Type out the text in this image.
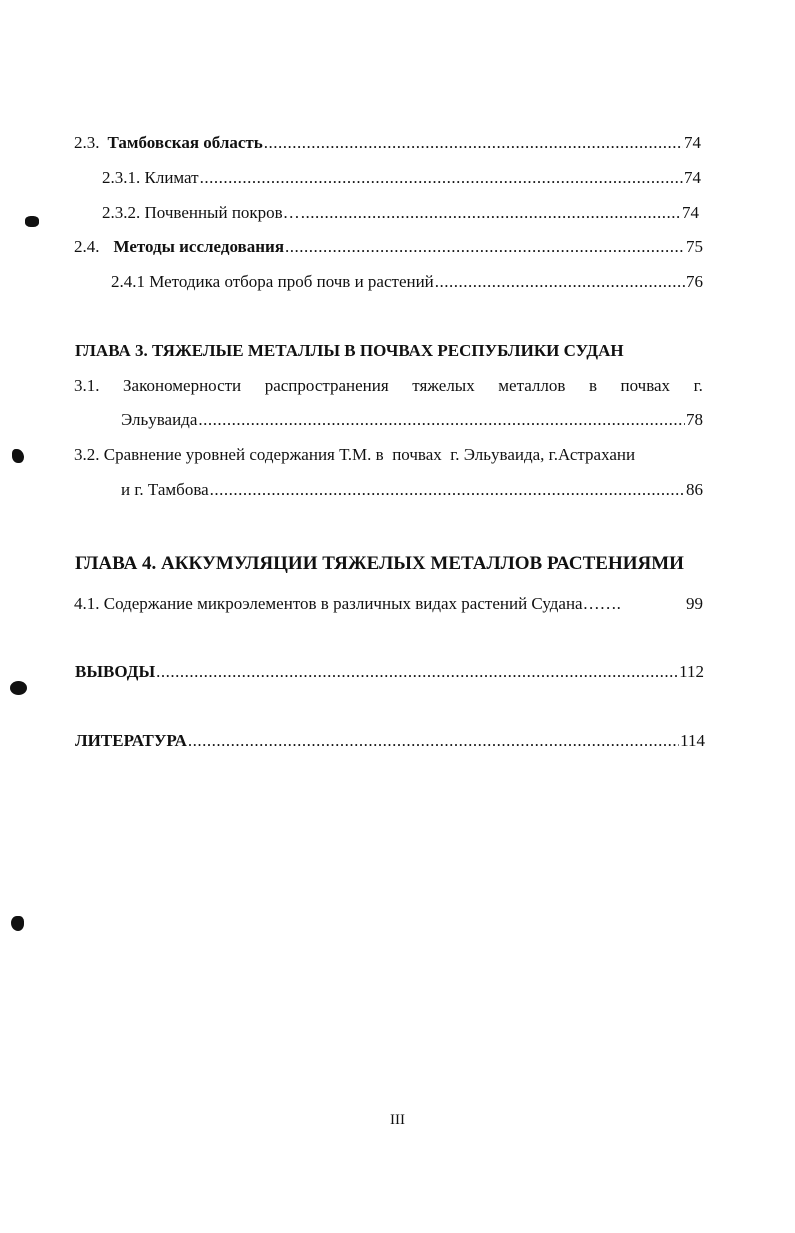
2.3. Тамбовская область .....	74
2.3.1. Климат .....	74
2.3.2. Почвенный покров… .....	74
2.4. Методы исследования .....	75
2.4.1 Методика отбора проб почв и растений .....	76
ГЛАВА 3. ТЯЖЕЛЫЕ МЕТАЛЛЫ В ПОЧВАХ РЕСПУБЛИКИ СУДАН
3.1. Закономерности распространения тяжелых металлов в почвах г.
Эльуваида .....	78
3.2. Сравнение уровней содержания Т.М. в  почвах  г. Эльуваида, г.Астрахани
и г. Тамбова .....	86
ГЛАВА 4. АККУМУЛЯЦИИ ТЯЖЕЛЫХ МЕТАЛЛОВ РАСТЕНИЯМИ
4.1. Содержание микроэлементов в различных видах растений Судана…….	99
ВЫВОДЫ .....	112
ЛИТЕРАТУРА .....	114
III
